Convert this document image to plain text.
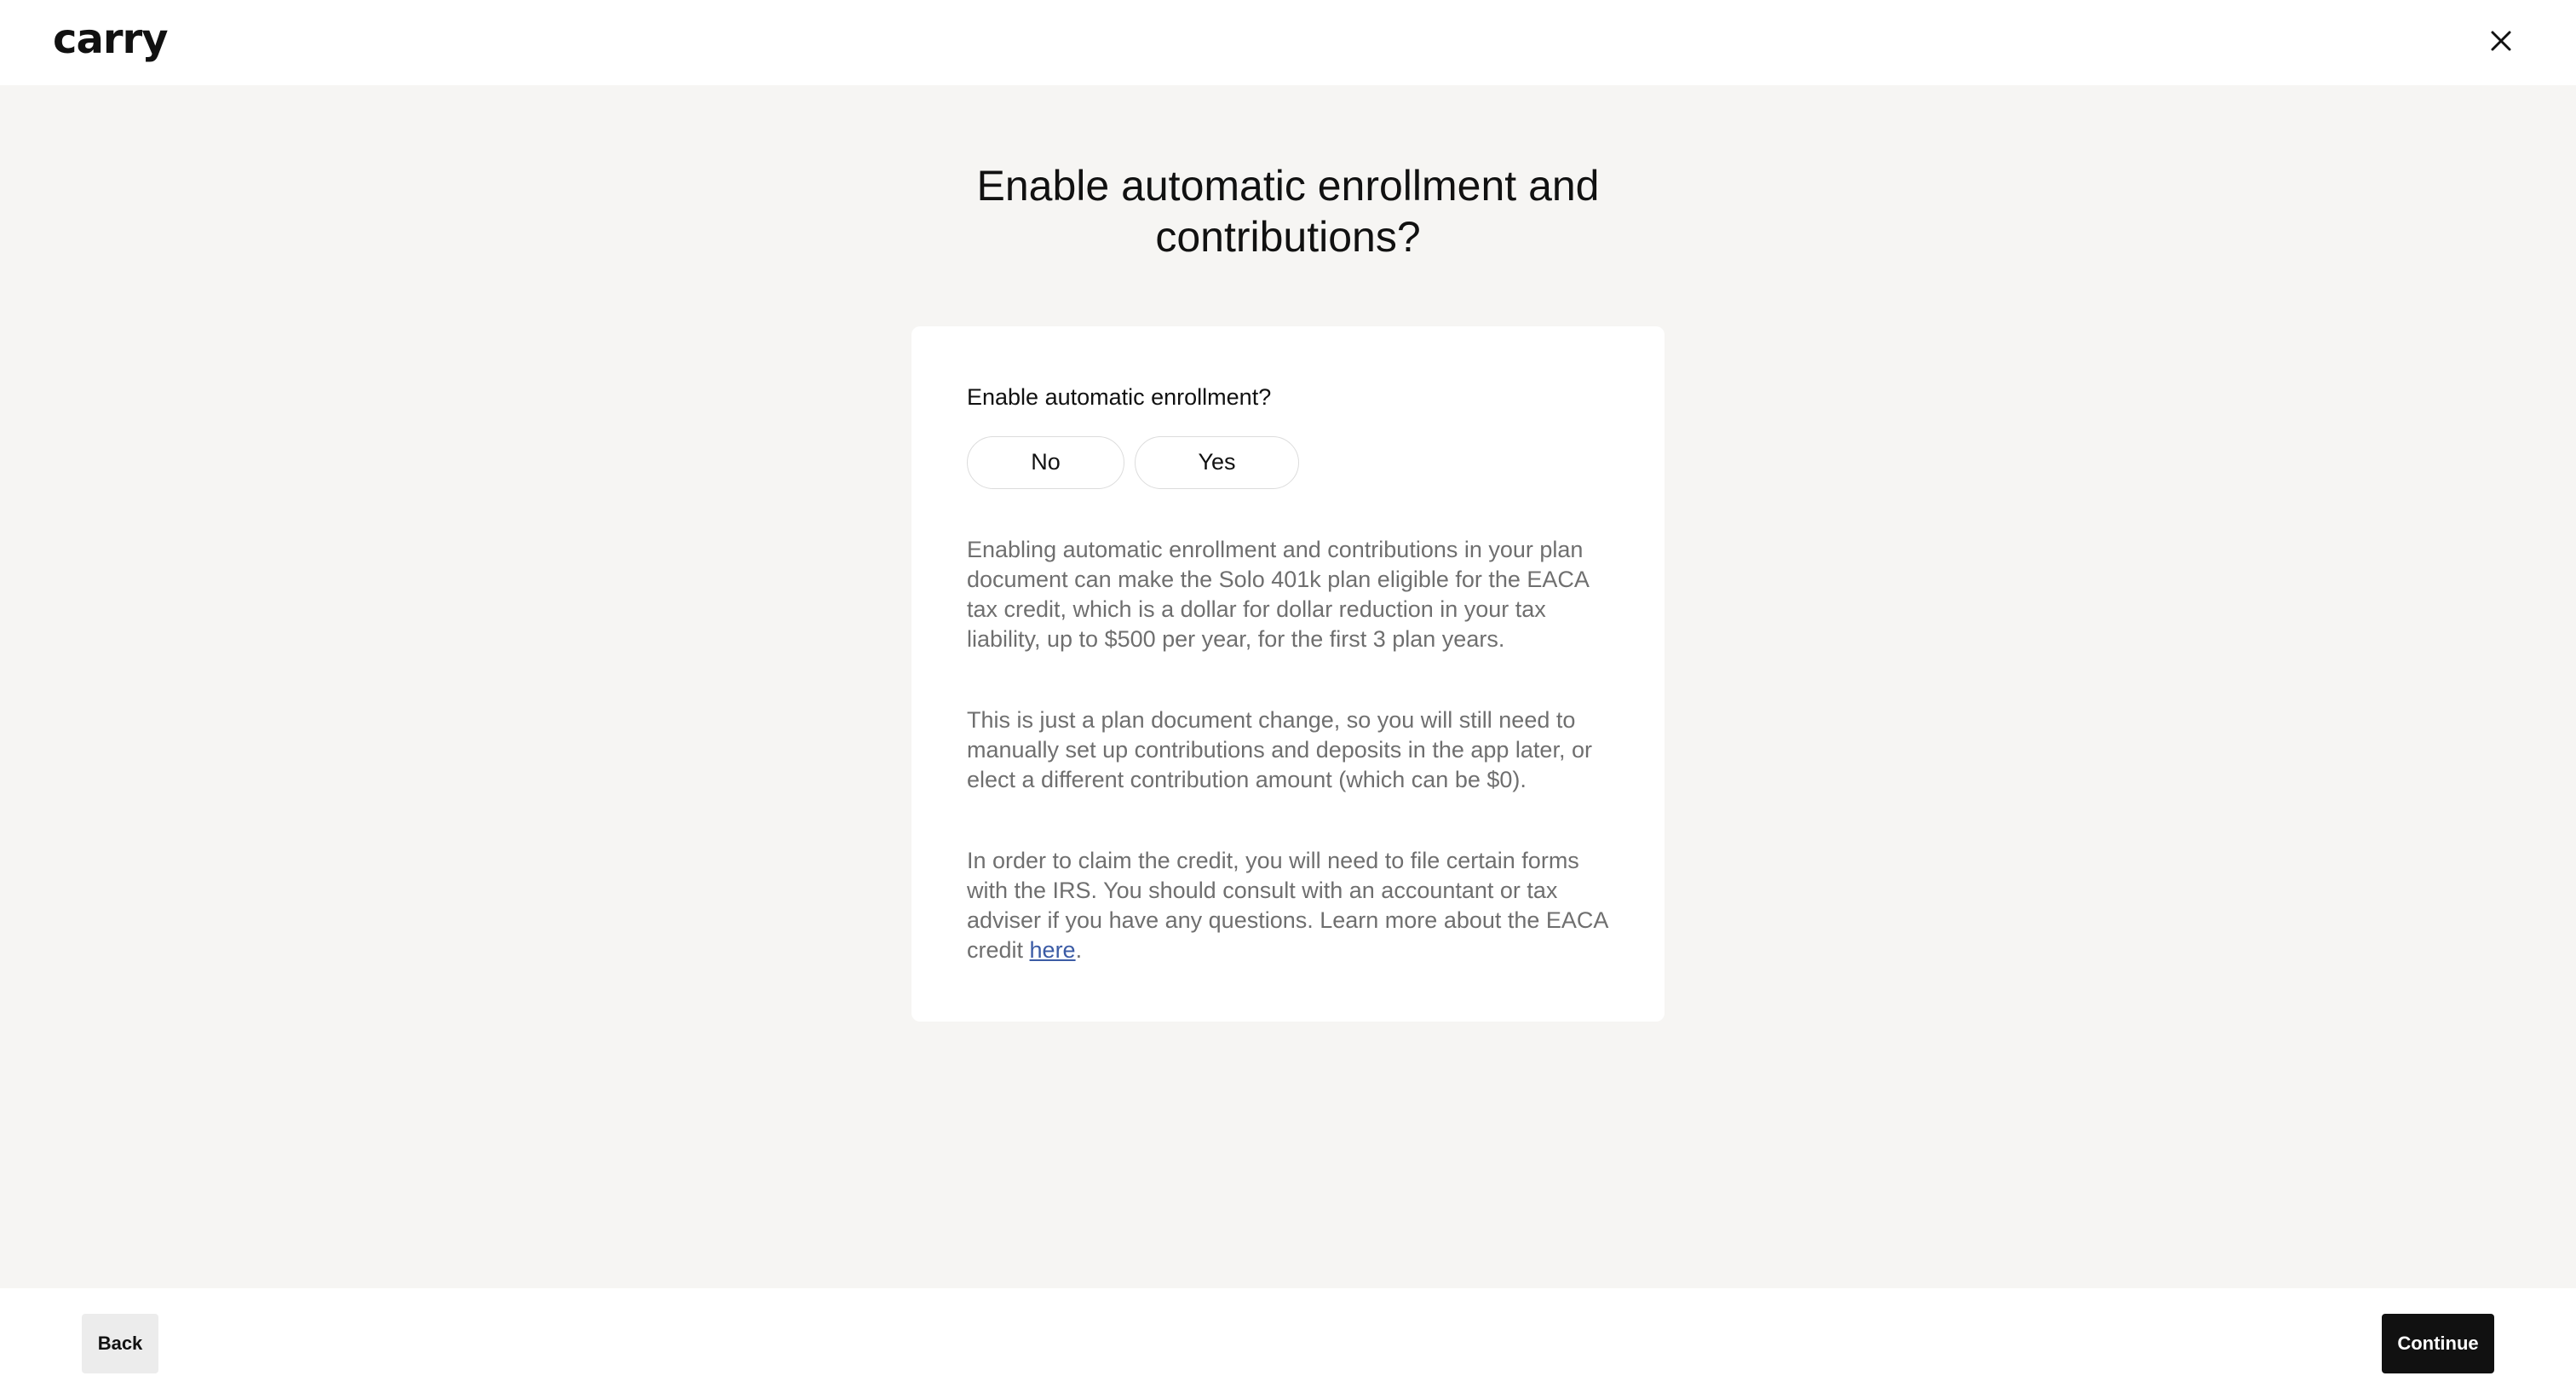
carry
Enable automatic enrollment and contributions?
Enable automatic enrollment?
No	Yes

Enabling automatic enrollment and contributions in your plan document can make the Solo 401k plan eligible for the EACA tax credit, which is a dollar for dollar reduction in your tax liability, up to $500 per year, for the first 3 plan years.

This is just a plan document change, so you will still need to manually set up contributions and deposits in the app later, or elect a different contribution amount (which can be $0).

In order to claim the credit, you will need to file certain forms with the IRS. You should consult with an accountant or tax adviser if you have any questions. Learn more about the EACA credit here.

Back	Continue
